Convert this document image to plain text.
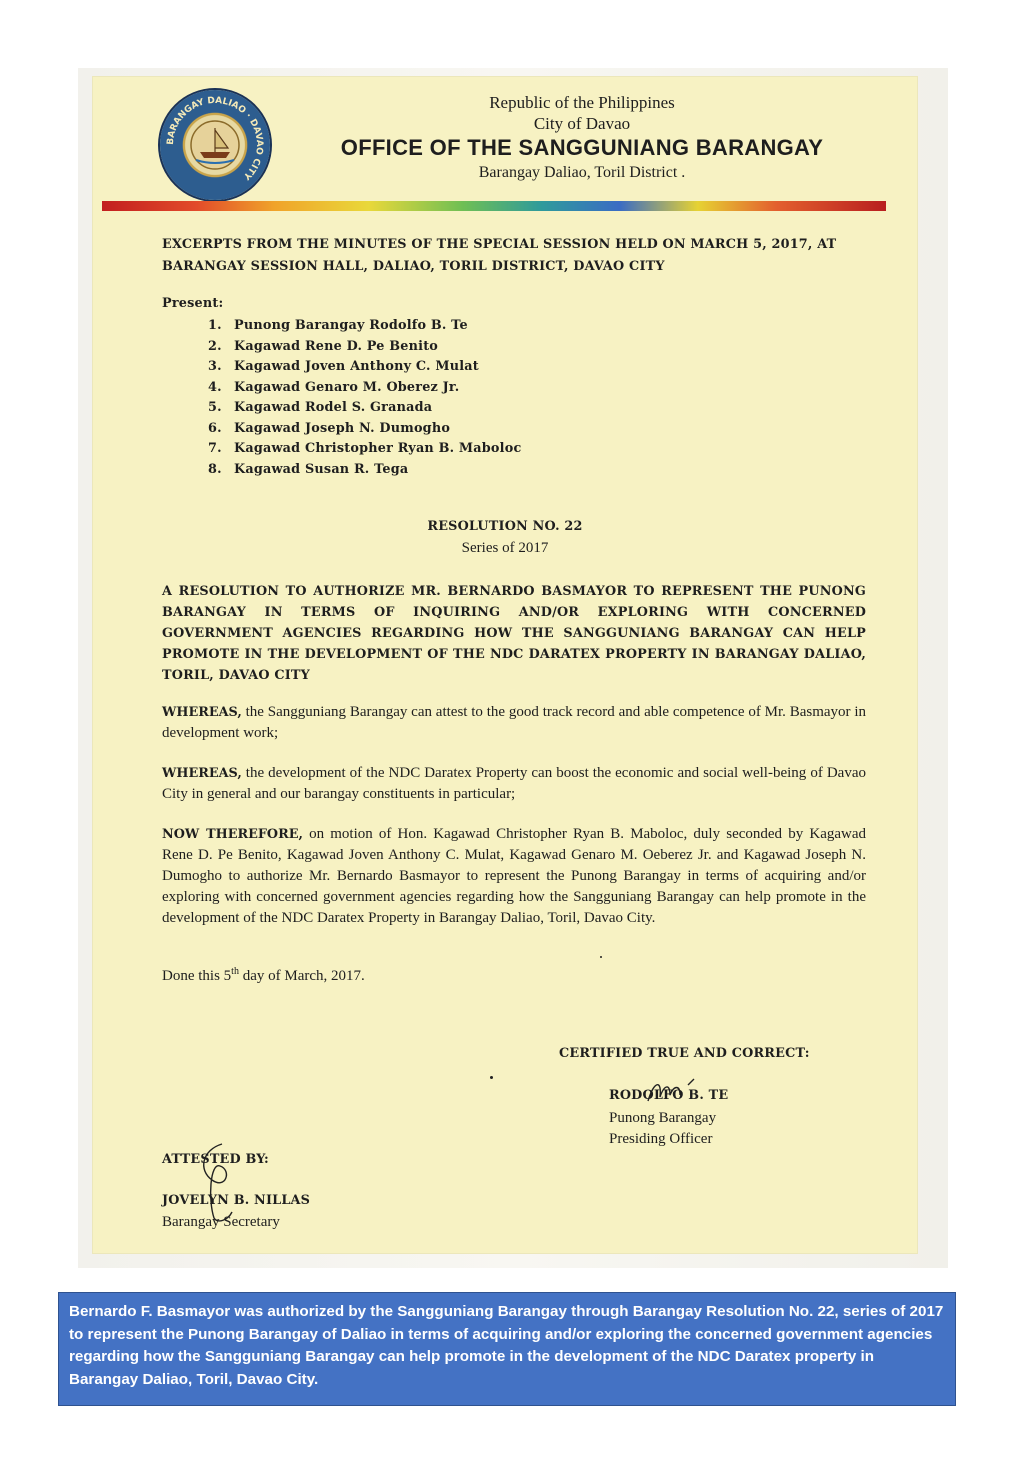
BARANGAY DALIAO · DAVAO CITY
Republic of the Philippines
City of Davao
OFFICE OF THE SANGGUNIANG BARANGAY
Barangay Daliao, Toril District .
EXCERPTS FROM THE MINUTES OF THE SPECIAL SESSION HELD ON MARCH 5, 2017, AT BARANGAY SESSION HALL, DALIAO, TORIL DISTRICT, DAVAO CITY
Present:
1. Punong Barangay Rodolfo B. Te
2. Kagawad Rene D. Pe Benito
3. Kagawad Joven Anthony C. Mulat
4. Kagawad Genaro M. Oberez Jr.
5. Kagawad Rodel S. Granada
6. Kagawad Joseph N. Dumogho
7. Kagawad Christopher Ryan B. Maboloc
8. Kagawad Susan R. Tega
RESOLUTION NO. 22
Series of 2017
A RESOLUTION TO AUTHORIZE MR. BERNARDO BASMAYOR TO REPRESENT THE PUNONG BARANGAY IN TERMS OF INQUIRING AND/OR EXPLORING WITH CONCERNED GOVERNMENT AGENCIES REGARDING HOW THE SANGGUNIANG BARANGAY CAN HELP PROMOTE IN THE DEVELOPMENT OF THE NDC DARATEX PROPERTY IN BARANGAY DALIAO, TORIL, DAVAO CITY
WHEREAS, the Sangguniang Barangay can attest to the good track record and able competence of Mr. Basmayor in development work;
WHEREAS, the development of the NDC Daratex Property can boost the economic and social well-being of Davao City in general and our barangay constituents in particular;
NOW THEREFORE, on motion of Hon. Kagawad Christopher Ryan B. Maboloc, duly seconded by Kagawad Rene D. Pe Benito, Kagawad Joven Anthony C. Mulat, Kagawad Genaro M. Oeberez Jr. and Kagawad Joseph N. Dumogho to authorize Mr. Bernardo Basmayor to represent the Punong Barangay in terms of acquiring and/or exploring with concerned government agencies regarding how the Sangguniang Barangay can help promote in the development of the NDC Daratex Property in Barangay Daliao, Toril, Davao City.
Done this 5th day of March, 2017.
CERTIFIED TRUE AND CORRECT:
RODOLFO B. TE
Punong Barangay
Presiding Officer
ATTESTED BY:
JOVELYN B. NILLAS
Barangay Secretary
Bernardo F. Basmayor was authorized by the Sangguniang Barangay through Barangay Resolution No. 22, series of 2017 to represent the Punong Barangay of Daliao in terms of acquiring and/or exploring the concerned government agencies regarding how the Sangguniang Barangay can help promote in the development of the NDC Daratex property in Barangay Daliao, Toril, Davao City.
